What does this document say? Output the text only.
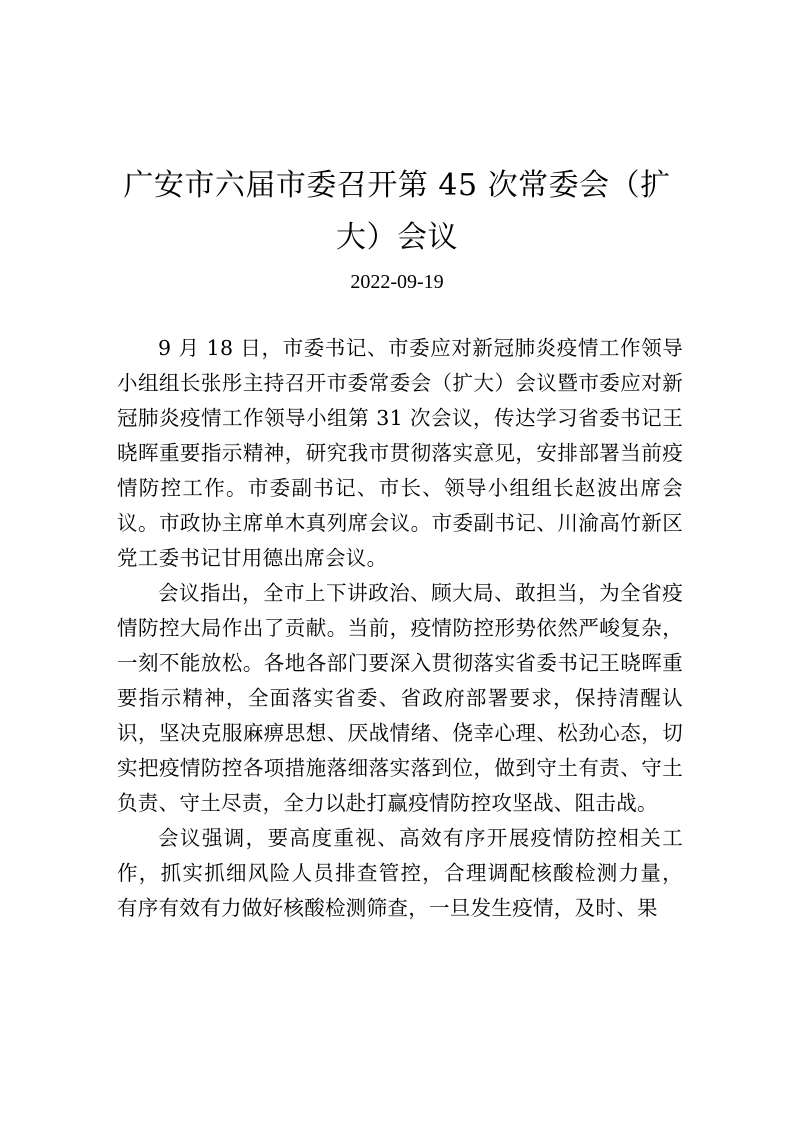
广安市六届市委召开第 45 次常委会（扩大）会议
2022-09-19

9 月 18 日，市委书记、市委应对新冠肺炎疫情工作领导小组组长张彤主持召开市委常委会（扩大）会议暨市委应对新冠肺炎疫情工作领导小组第 31 次会议，传达学习省委书记王晓晖重要指示精神，研究我市贯彻落实意见，安排部署当前疫情防控工作。市委副书记、市长、领导小组组长赵波出席会议。市政协主席单木真列席会议。市委副书记、川渝高竹新区党工委书记甘用德出席会议。

会议指出，全市上下讲政治、顾大局、敢担当，为全省疫情防控大局作出了贡献。当前，疫情防控形势依然严峻复杂，一刻不能放松。各地各部门要深入贯彻落实省委书记王晓晖重要指示精神，全面落实省委、省政府部署要求，保持清醒认识，坚决克服麻痹思想、厌战情绪、侥幸心理、松劲心态，切实把疫情防控各项措施落细落实落到位，做到守土有责、守土负责、守土尽责，全力以赴打赢疫情防控攻坚战、阻击战。

会议强调，要高度重视、高效有序开展疫情防控相关工作，抓实抓细风险人员排查管控，合理调配核酸检测力量， 有序有效有力做好核酸检测筛查，一旦发生疫情，及时、果
